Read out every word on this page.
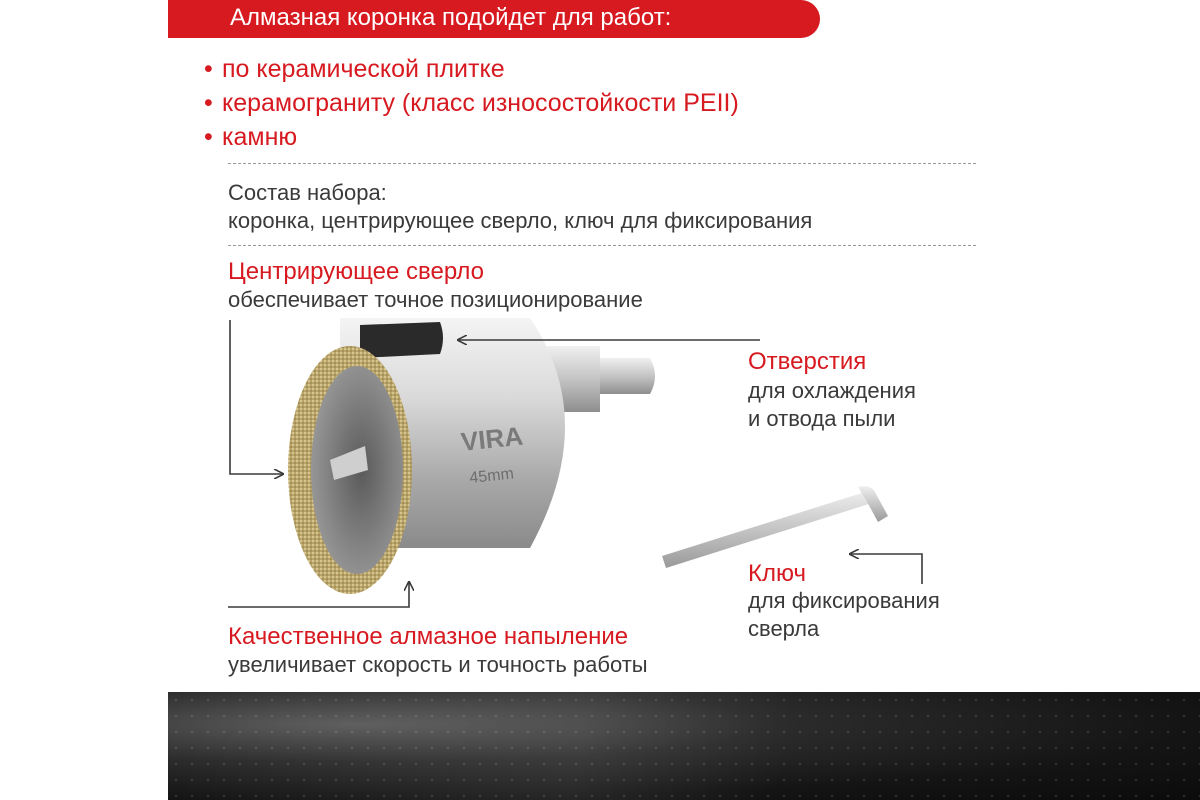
Алмазная коронка подойдет для работ:
• по керамической плитке
• керамограниту (класс износостойкости PEII)
• камню
Состав набора:
коронка, центрирующее сверло, ключ для фиксирования
Центрирующее сверло
обеспечивает точное позиционирование
Отверстия
для охлаждения
и отвода пыли
Ключ
для фиксирования
сверла
Качественное алмазное напыление
увеличивает скорость и точность работы
VIRA
45mm
